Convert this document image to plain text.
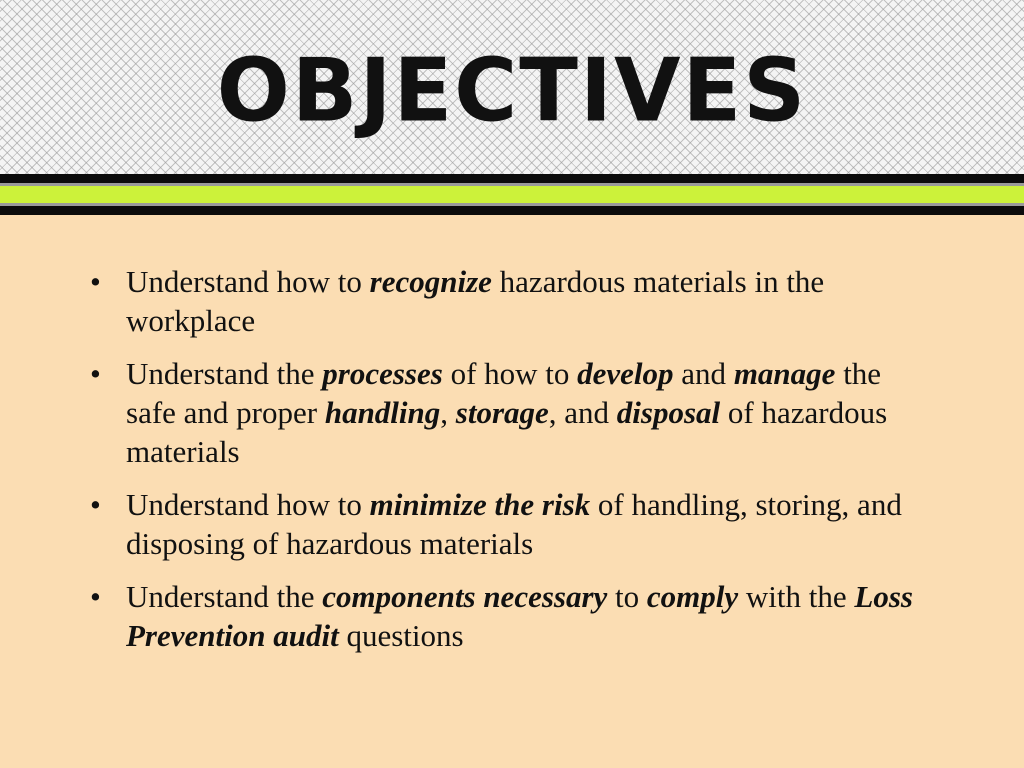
OBJECTIVES
• Understand how to recognize hazardous materials in the workplace
• Understand the processes of how to develop and manage the safe and proper handling, storage, and disposal of hazardous materials
• Understand how to minimize the risk of handling, storing, and disposing of hazardous materials
• Understand the components necessary to comply with the Loss Prevention audit questions
